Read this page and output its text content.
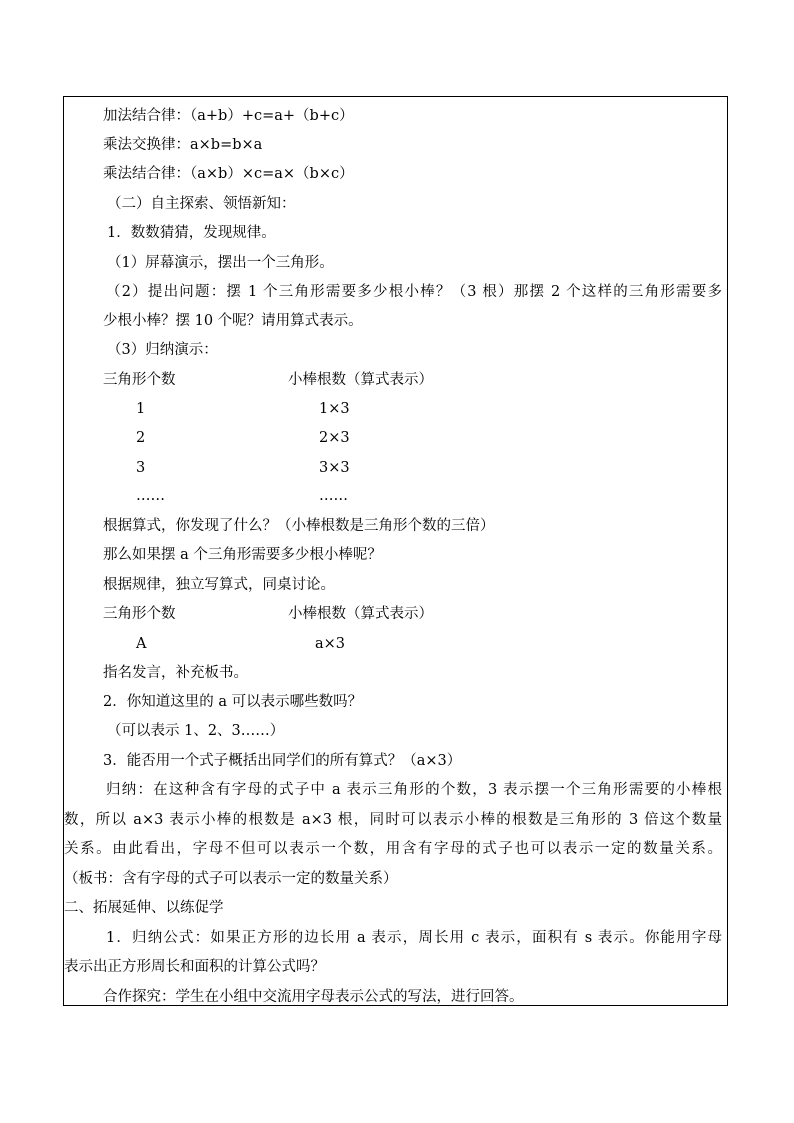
加法结合律：（a+b）+c=a+（b+c）
乘法交换律：a×b=b×a
乘法结合律：（a×b）×c=a×（b×c）
（二）自主探索、领悟新知：
1．数数猜猜，发现规律。
（1）屏幕演示，摆出一个三角形。
（2）提出问题：摆 1 个三角形需要多少根小棒？（3 根）那摆 2 个这样的三角形需要多
少根小棒？摆 10 个呢？请用算式表示。
（3）归纳演示：
三角形个数	小棒根数（算式表示）
1	1×3
2	2×3
3	3×3
……	……
根据算式，你发现了什么？（小棒根数是三角形个数的三倍）
那么如果摆 a 个三角形需要多少根小棒呢？
根据规律，独立写算式，同桌讨论。
三角形个数	小棒根数（算式表示）
A	a×3
指名发言，补充板书。
2．你知道这里的 a 可以表示哪些数吗？
（可以表示 1、2、3……）
3．能否用一个式子概括出同学们的所有算式？（a×3）
归纳：在这种含有字母的式子中 a 表示三角形的个数，3 表示摆一个三角形需要的小棒根
数，所以 a×3 表示小棒的根数是 a×3 根，同时可以表示小棒的根数是三角形的 3 倍这个数量
关系。由此看出，字母不但可以表示一个数，用含有字母的式子也可以表示一定的数量关系。
（板书：含有字母的式子可以表示一定的数量关系）
二、拓展延伸、以练促学
1．归纳公式：如果正方形的边长用 a 表示，周长用 c 表示，面积有 s 表示。你能用字母
表示出正方形周长和面积的计算公式吗？
合作探究：学生在小组中交流用字母表示公式的写法，进行回答。
